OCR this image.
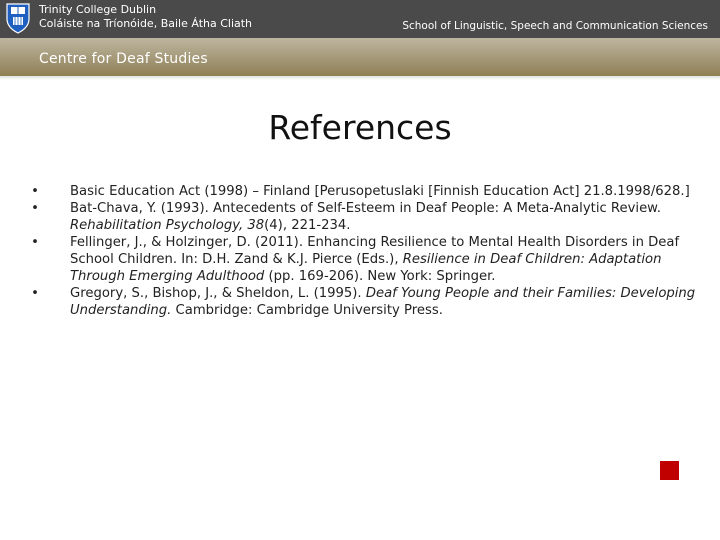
Trinity College Dublin
Coláiste na Tríonóide, Baile Átha Cliath	School of Linguistic, Speech and Communication Sciences
Centre for Deaf Studies
References
• Basic Education Act (1998) – Finland [Perusopetuslaki [Finnish Education Act] 21.8.1998/628.]
• Bat-Chava, Y. (1993). Antecedents of Self-Esteem in Deaf People: A Meta-Analytic Review. Rehabilitation Psychology, 38(4), 221-234.
• Fellinger, J., & Holzinger, D. (2011). Enhancing Resilience to Mental Health Disorders in Deaf School Children. In: D.H. Zand & K.J. Pierce (Eds.), Resilience in Deaf Children: Adaptation Through Emerging Adulthood (pp. 169-206). New York: Springer.
• Gregory, S., Bishop, J., & Sheldon, L. (1995). Deaf Young People and their Families: Developing Understanding. Cambridge: Cambridge University Press.
